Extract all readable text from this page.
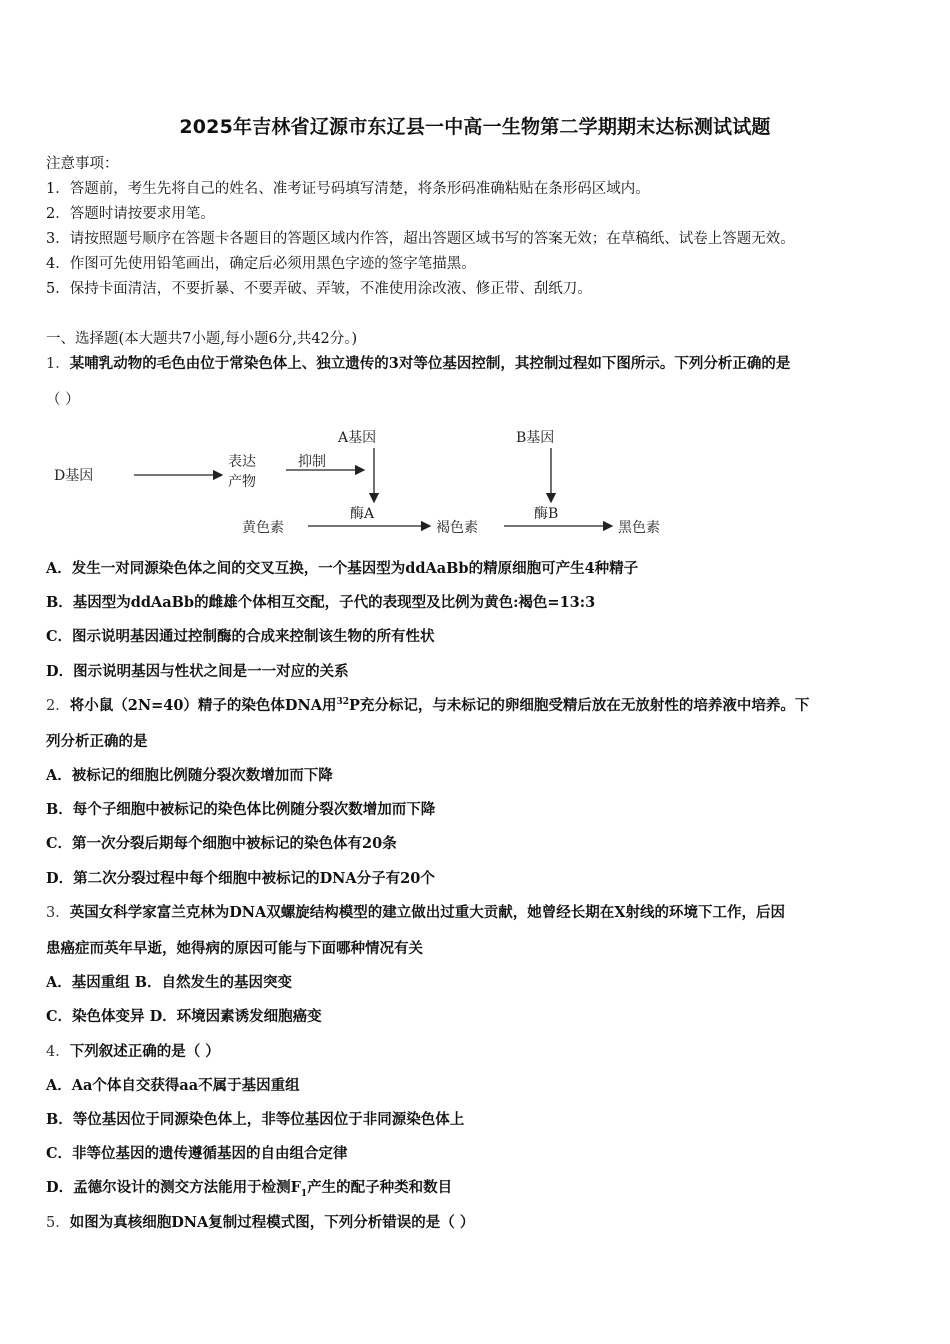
2025年吉林省辽源市东辽县一中高一生物第二学期期末达标测试试题
注意事项：
1．答题前，考生先将自己的姓名、准考证号码填写清楚，将条形码准确粘贴在条形码区域内。
2．答题时请按要求用笔。
3．请按照题号顺序在答题卡各题目的答题区域内作答，超出答题区域书写的答案无效；在草稿纸、试卷上答题无效。
4．作图可先使用铅笔画出，确定后必须用黑色字迹的签字笔描黑。
5．保持卡面清洁，不要折暴、不要弄破、弄皱，不准使用涂改液、修正带、刮纸刀。
一、选择题(本大题共7小题,每小题6分,共42分。)
1．某哺乳动物的毛色由位于常染色体上、独立遗传的3对等位基因控制，其控制过程如下图所示。下列分析正确的是
（ ）
D基因
表达
产物
抑制
A基因	B基因
黄色素
酶A
褐色素
酶B
黑色素
A．发生一对同源染色体之间的交叉互换，一个基因型为ddAaBb的精原细胞可产生4种精子
B．基因型为ddAaBb的雌雄个体相互交配，子代的表现型及比例为黄色:褐色=13:3
C．图示说明基因通过控制酶的合成来控制该生物的所有性状
D．图示说明基因与性状之间是一一对应的关系
2．将小鼠（2N=40）精子的染色体DNA用$^{32}$P充分标记，与未标记的卵细胞受精后放在无放射性的培养液中培养。下
列分析正确的是
A．被标记的细胞比例随分裂次数增加而下降
B．每个子细胞中被标记的染色体比例随分裂次数增加而下降
C．第一次分裂后期每个细胞中被标记的染色体有20条
D．第二次分裂过程中每个细胞中被标记的DNA分子有20个
3．英国女科学家富兰克林为DNA双螺旋结构模型的建立做出过重大贡献，她曾经长期在X射线的环境下工作，后因
患癌症而英年早逝，她得病的原因可能与下面哪种情况有关
A．基因重组 B．自然发生的基因突变
C．染色体变异 D．环境因素诱发细胞癌变
4．下列叙述正确的是（ ）
A．Aa个体自交获得aa不属于基因重组
B．等位基因位于同源染色体上，非等位基因位于非同源染色体上
C．非等位基因的遗传遵循基因的自由组合定律
D．孟德尔设计的测交方法能用于检测$F_1$产生的配子种类和数目
5．如图为真核细胞DNA复制过程模式图，下列分析错误的是（ ）
